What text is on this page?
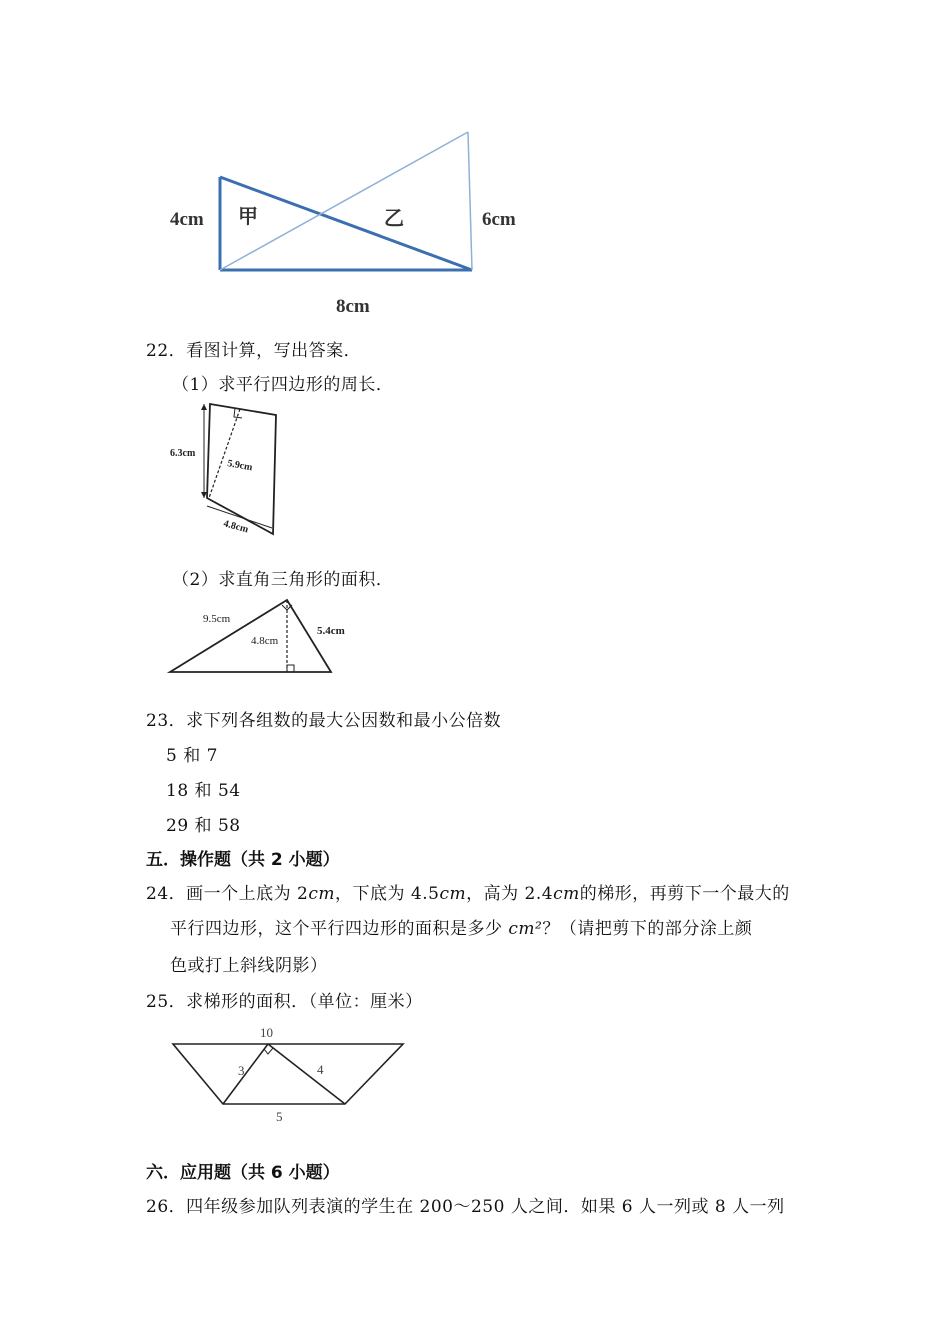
4cm 甲	乙	6cm
8cm
22．看图计算，写出答案．
（1）求平行四边形的周长．
6.3cm
5.9cm
4.8cm
（2）求直角三角形的面积．
9.5cm
4.8cm
5.4cm
23．求下列各组数的最大公因数和最小公倍数
5 和 7
18 和 54
29 和 58
五．操作题（共 2 小题）
24．画一个上底为 2cm，下底为 4.5cm，高为 2.4cm的梯形，再剪下一个最大的
平行四边形，这个平行四边形的面积是多少 cm²？（请把剪下的部分涂上颜
色或打上斜线阴影）
25．求梯形的面积．（单位：厘米）
10
3	4
5
六．应用题（共 6 小题）
26．四年级参加队列表演的学生在 200～250 人之间．如果 6 人一列或 8 人一列
